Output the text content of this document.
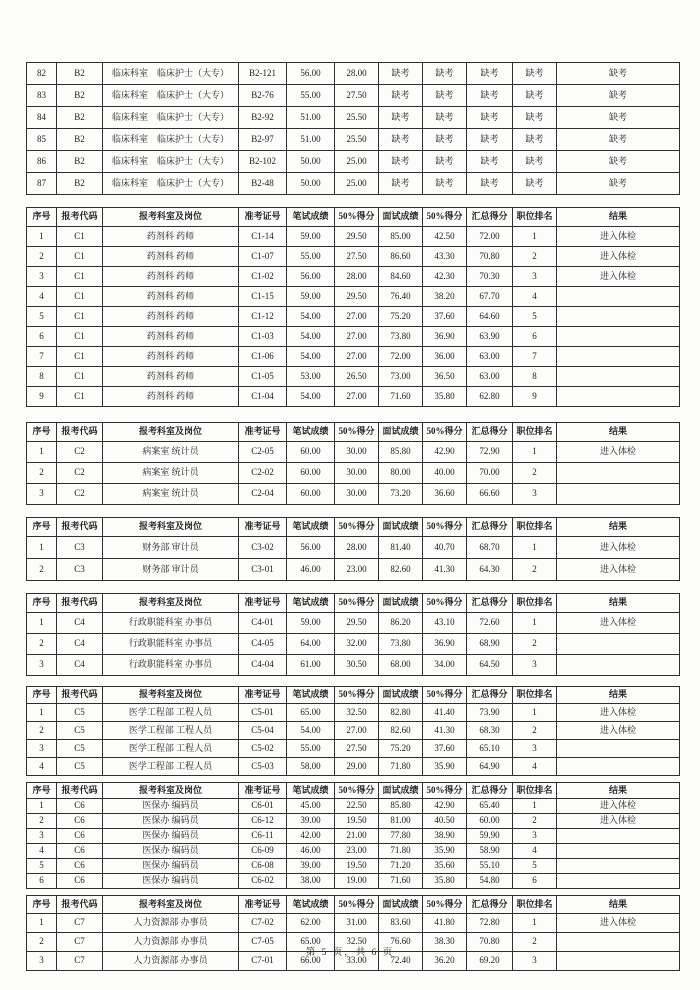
82	B2	临床科室　临床护士（大专）	B2-121	56.00	28.00	缺考	缺考	缺考	缺考	缺考
83	B2	临床科室　临床护士（大专）	B2-76	55.00	27.50	缺考	缺考	缺考	缺考	缺考
84	B2	临床科室　临床护士（大专）	B2-92	51.00	25.50	缺考	缺考	缺考	缺考	缺考
85	B2	临床科室　临床护士（大专）	B2-97	51.00	25.50	缺考	缺考	缺考	缺考	缺考
86	B2	临床科室　临床护士（大专）	B2-102	50.00	25.00	缺考	缺考	缺考	缺考	缺考
87	B2	临床科室　临床护士（大专）	B2-48	50.00	25.00	缺考	缺考	缺考	缺考	缺考
序号	报考代码	报考科室及岗位	准考证号	笔试成绩	50%得分	面试成绩	50%得分	汇总得分	职位排名	结果
1	C1	药剂科 药师	C1-14	59.00	29.50	85.00	42.50	72.00	1	进入体检
2	C1	药剂科 药师	C1-07	55.00	27.50	86.60	43.30	70.80	2	进入体检
3	C1	药剂科 药师	C1-02	56.00	28.00	84.60	42.30	70.30	3	进入体检
4	C1	药剂科 药师	C1-15	59.00	29.50	76.40	38.20	67.70	4	
5	C1	药剂科 药师	C1-12	54.00	27.00	75.20	37.60	64.60	5	
6	C1	药剂科 药师	C1-03	54.00	27.00	73.80	36.90	63.90	6	
7	C1	药剂科 药师	C1-06	54.00	27.00	72.00	36.00	63.00	7	
8	C1	药剂科 药师	C1-05	53.00	26.50	73.00	36.50	63.00	8	
9	C1	药剂科 药师	C1-04	54.00	27.00	71.60	35.80	62.80	9	
序号	报考代码	报考科室及岗位	准考证号	笔试成绩	50%得分	面试成绩	50%得分	汇总得分	职位排名	结果
1	C2	病案室 统计员	C2-05	60.00	30.00	85.80	42.90	72.90	1	进入体检
2	C2	病案室 统计员	C2-02	60.00	30.00	80.00	40.00	70.00	2	
3	C2	病案室 统计员	C2-04	60.00	30.00	73.20	36.60	66.60	3	
序号	报考代码	报考科室及岗位	准考证号	笔试成绩	50%得分	面试成绩	50%得分	汇总得分	职位排名	结果
1	C3	财务部 审计员	C3-02	56.00	28.00	81.40	40.70	68.70	1	进入体检
2	C3	财务部 审计员	C3-01	46.00	23.00	82.60	41.30	64.30	2	进入体检
序号	报考代码	报考科室及岗位	准考证号	笔试成绩	50%得分	面试成绩	50%得分	汇总得分	职位排名	结果
1	C4	行政职能科室 办事员	C4-01	59.00	29.50	86.20	43.10	72.60	1	进入体检
2	C4	行政职能科室 办事员	C4-05	64.00	32.00	73.80	36.90	68.90	2	
3	C4	行政职能科室 办事员	C4-04	61.00	30.50	68.00	34.00	64.50	3	
序号	报考代码	报考科室及岗位	准考证号	笔试成绩	50%得分	面试成绩	50%得分	汇总得分	职位排名	结果
1	C5	医学工程部 工程人员	C5-01	65.00	32.50	82.80	41.40	73.90	1	进入体检
2	C5	医学工程部 工程人员	C5-04	54.00	27.00	82.60	41.30	68.30	2	进入体检
3	C5	医学工程部 工程人员	C5-02	55.00	27.50	75.20	37.60	65.10	3	
4	C5	医学工程部 工程人员	C5-03	58.00	29.00	71.80	35.90	64.90	4	
序号	报考代码	报考科室及岗位	准考证号	笔试成绩	50%得分	面试成绩	50%得分	汇总得分	职位排名	结果
1	C6	医保办 编码员	C6-01	45.00	22.50	85.80	42.90	65.40	1	进入体检
2	C6	医保办 编码员	C6-12	39.00	19.50	81.00	40.50	60.00	2	进入体检
3	C6	医保办 编码员	C6-11	42.00	21.00	77.80	38.90	59.90	3	
4	C6	医保办 编码员	C6-09	46.00	23.00	71.80	35.90	58.90	4	
5	C6	医保办 编码员	C6-08	39.00	19.50	71.20	35.60	55.10	5	
6	C6	医保办 编码员	C6-02	38.00	19.00	71.60	35.80	54.80	6	
序号	报考代码	报考科室及岗位	准考证号	笔试成绩	50%得分	面试成绩	50%得分	汇总得分	职位排名	结果
1	C7	人力资源部 办事员	C7-02	62.00	31.00	83.60	41.80	72.80	1	进入体检
2	C7	人力资源部 办事员	C7-05	65.00	32.50	76.60	38.30	70.80	2	
3	C7	人力资源部 办事员	C7-01	66.00	33.00	72.40	36.20	69.20	3	
第 5 页，共 6 页
